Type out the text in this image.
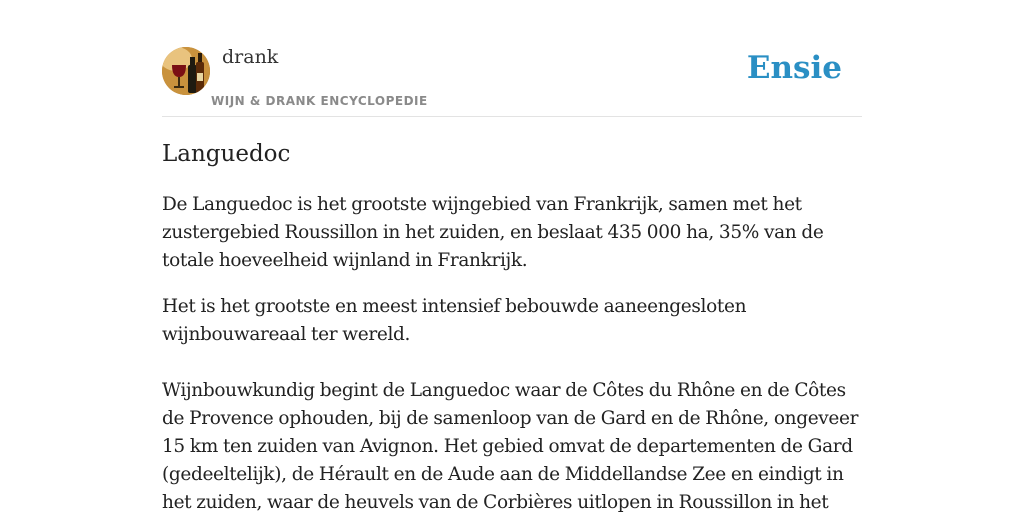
drank
WIJN & DRANK ENCYCLOPEDIE
Ensie
Languedoc

De Languedoc is het grootste wijngebied van Frankrijk, samen met het zustergebied Roussillon in het zuiden, en beslaat 435 000 ha, 35% van de totale hoeveelheid wijnland in Frankrijk.

Het is het grootste en meest intensief bebouwde aaneengesloten wijnbouwareaal ter wereld.

Wijnbouwkundig begint de Languedoc waar de Côtes du Rhône en de Côtes de Provence ophouden, bij de samenloop van de Gard en de Rhône, ongeveer 15 km ten zuiden van Avignon. Het gebied omvat de departementen de Gard (gedeeltelijk), de Hérault en de Aude aan de Middellandse Zee en eindigt in het zuiden, waar de heuvels van de Corbières uitlopen in Roussillon in het
